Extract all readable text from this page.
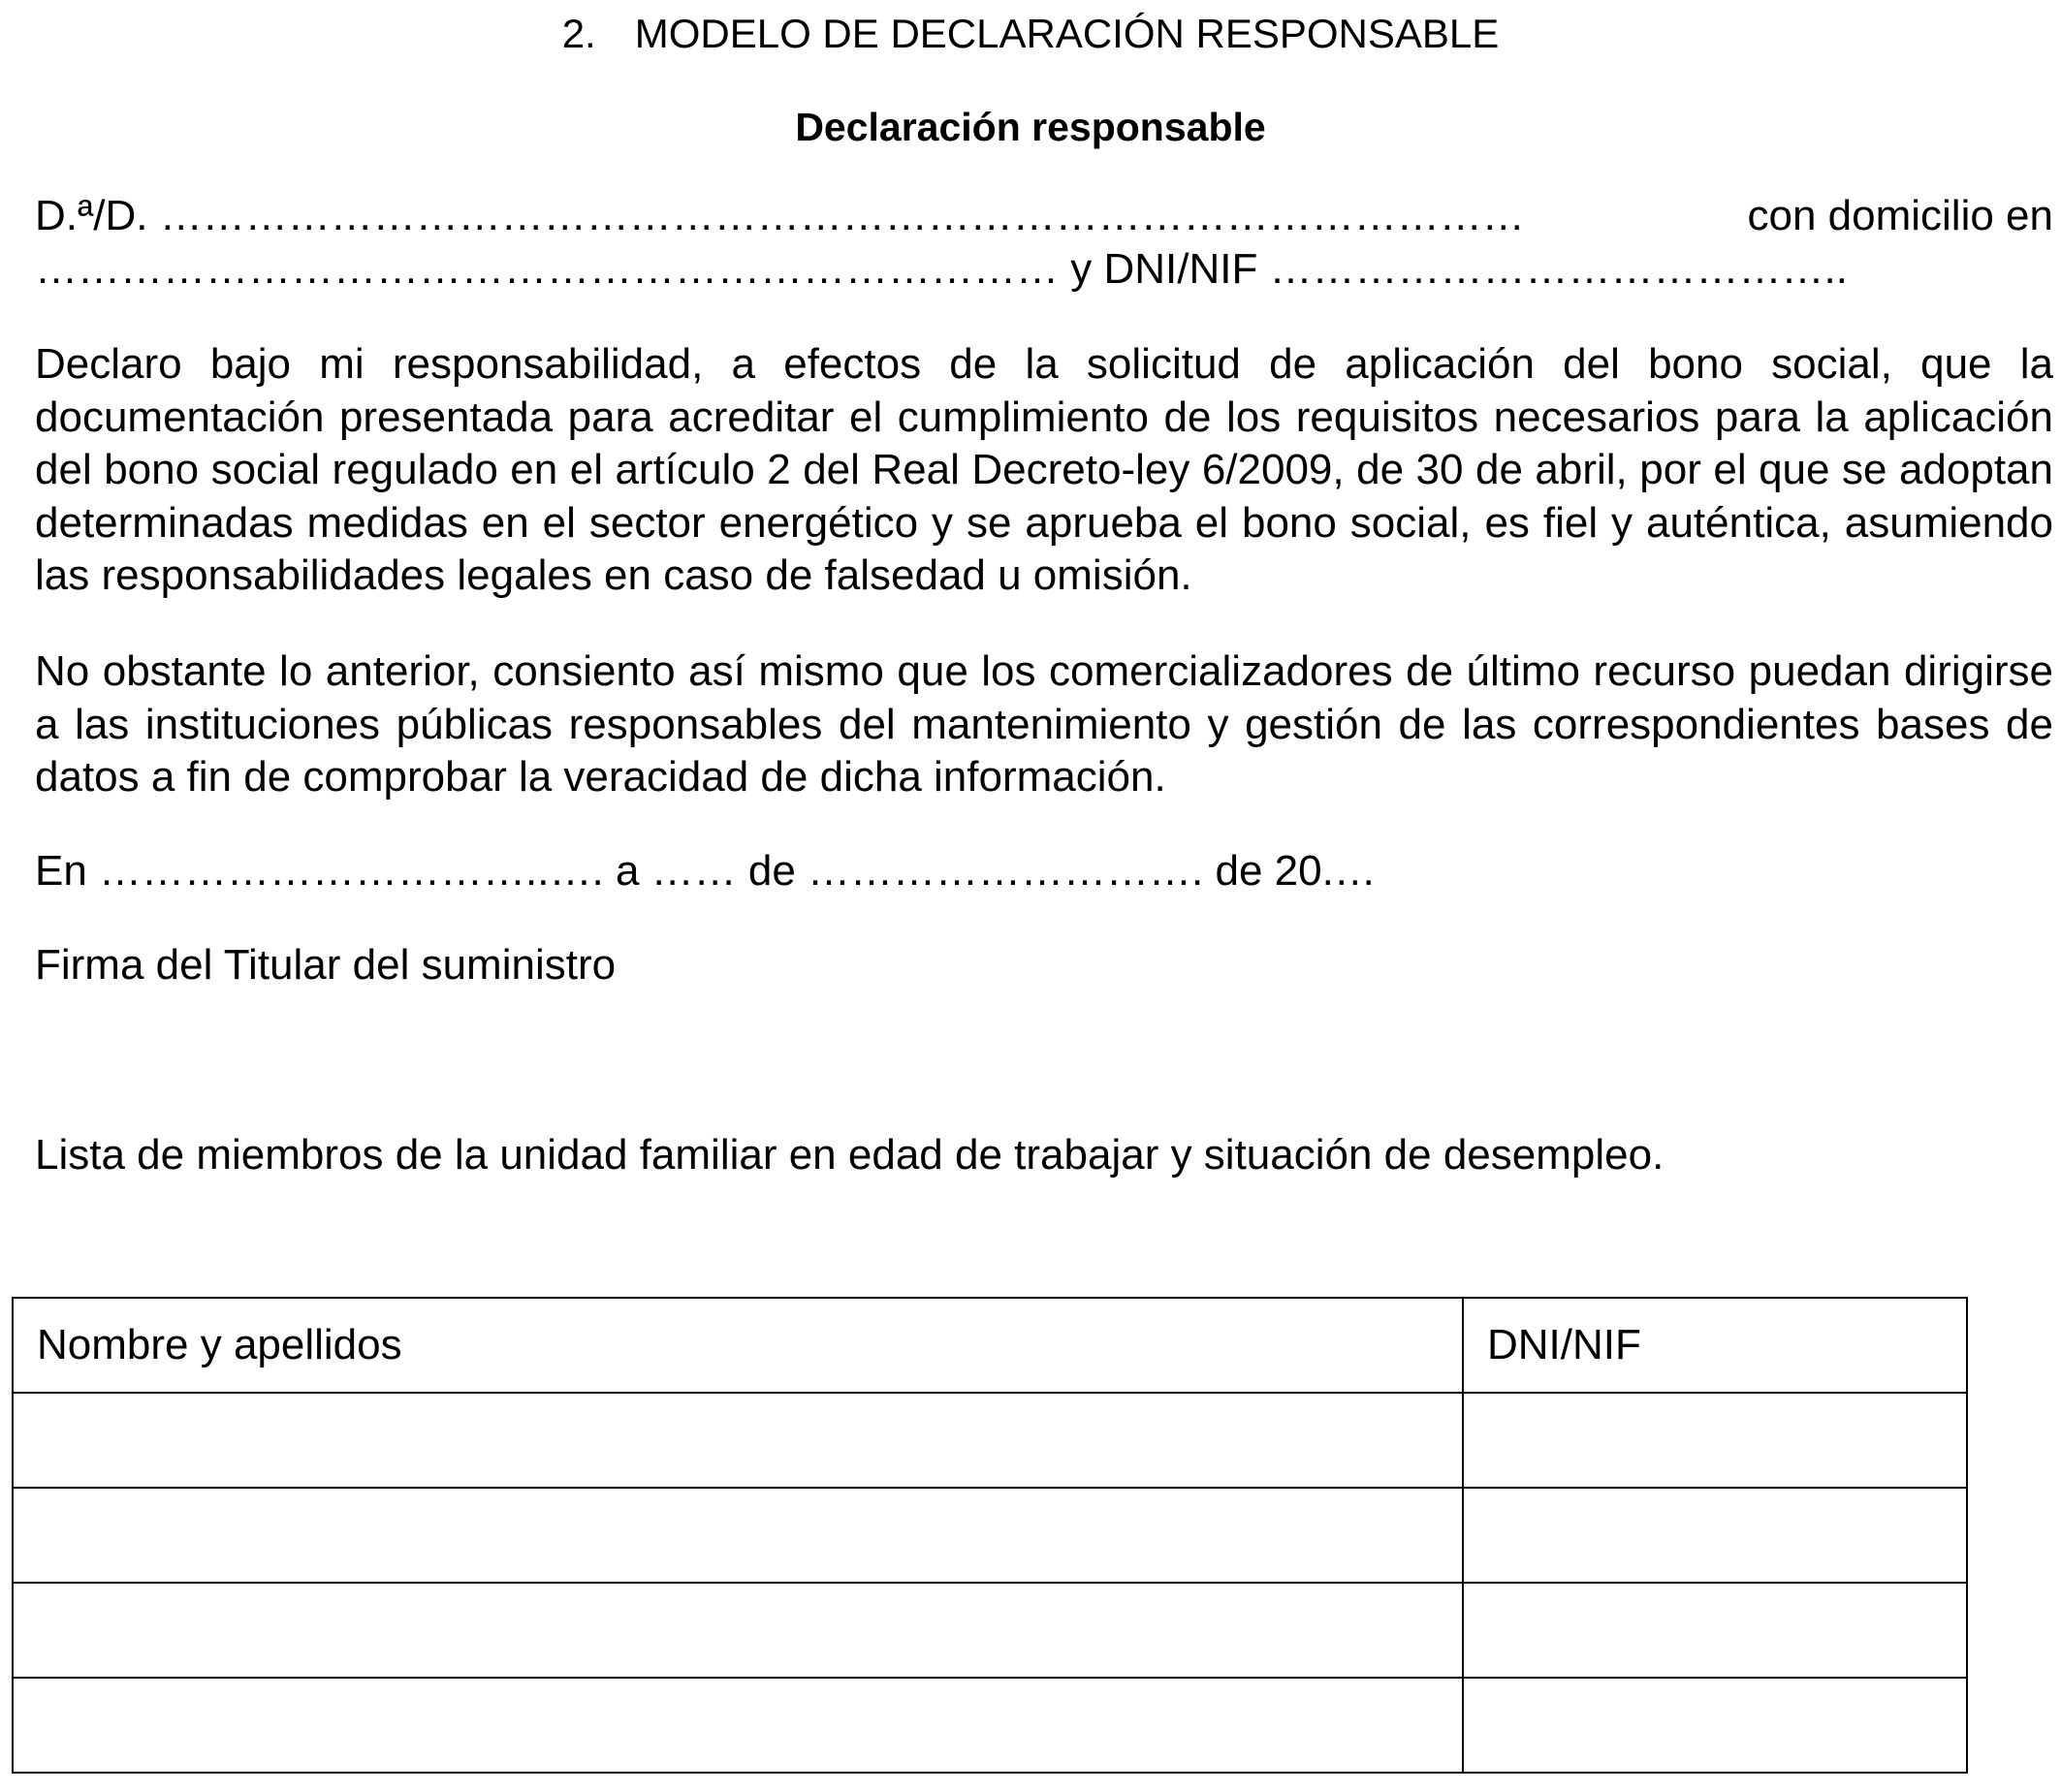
2. MODELO DE DECLARACIÓN RESPONSABLE
Declaración responsable
D.ª/D. ……………………………………………………………………………………	con domicilio en
……………………………………………………………… y DNI/NIF …………………………………..
Declaro bajo mi responsabilidad, a efectos de la solicitud de aplicación del bono social, que la documentación presentada para acreditar el cumplimiento de los requisitos necesarios para la aplicación del bono social regulado en el artículo 2 del Real Decreto-ley 6/2009, de 30 de abril, por el que se adoptan determinadas medidas en el sector energético y se aprueba el bono social, es fiel y auténtica, asumiendo las responsabilidades legales en caso de falsedad u omisión.
No obstante lo anterior, consiento así mismo que los comercializadores de último recurso puedan dirigirse a las instituciones públicas responsables del mantenimiento y gestión de las correspondientes bases de datos a fin de comprobar la veracidad de dicha información.
En …………………………..…. a …… de ………………………. de 20.…
Firma del Titular del suministro
Lista de miembros de la unidad familiar en edad de trabajar y situación de desempleo.
Nombre y apellidos	DNI/NIF
